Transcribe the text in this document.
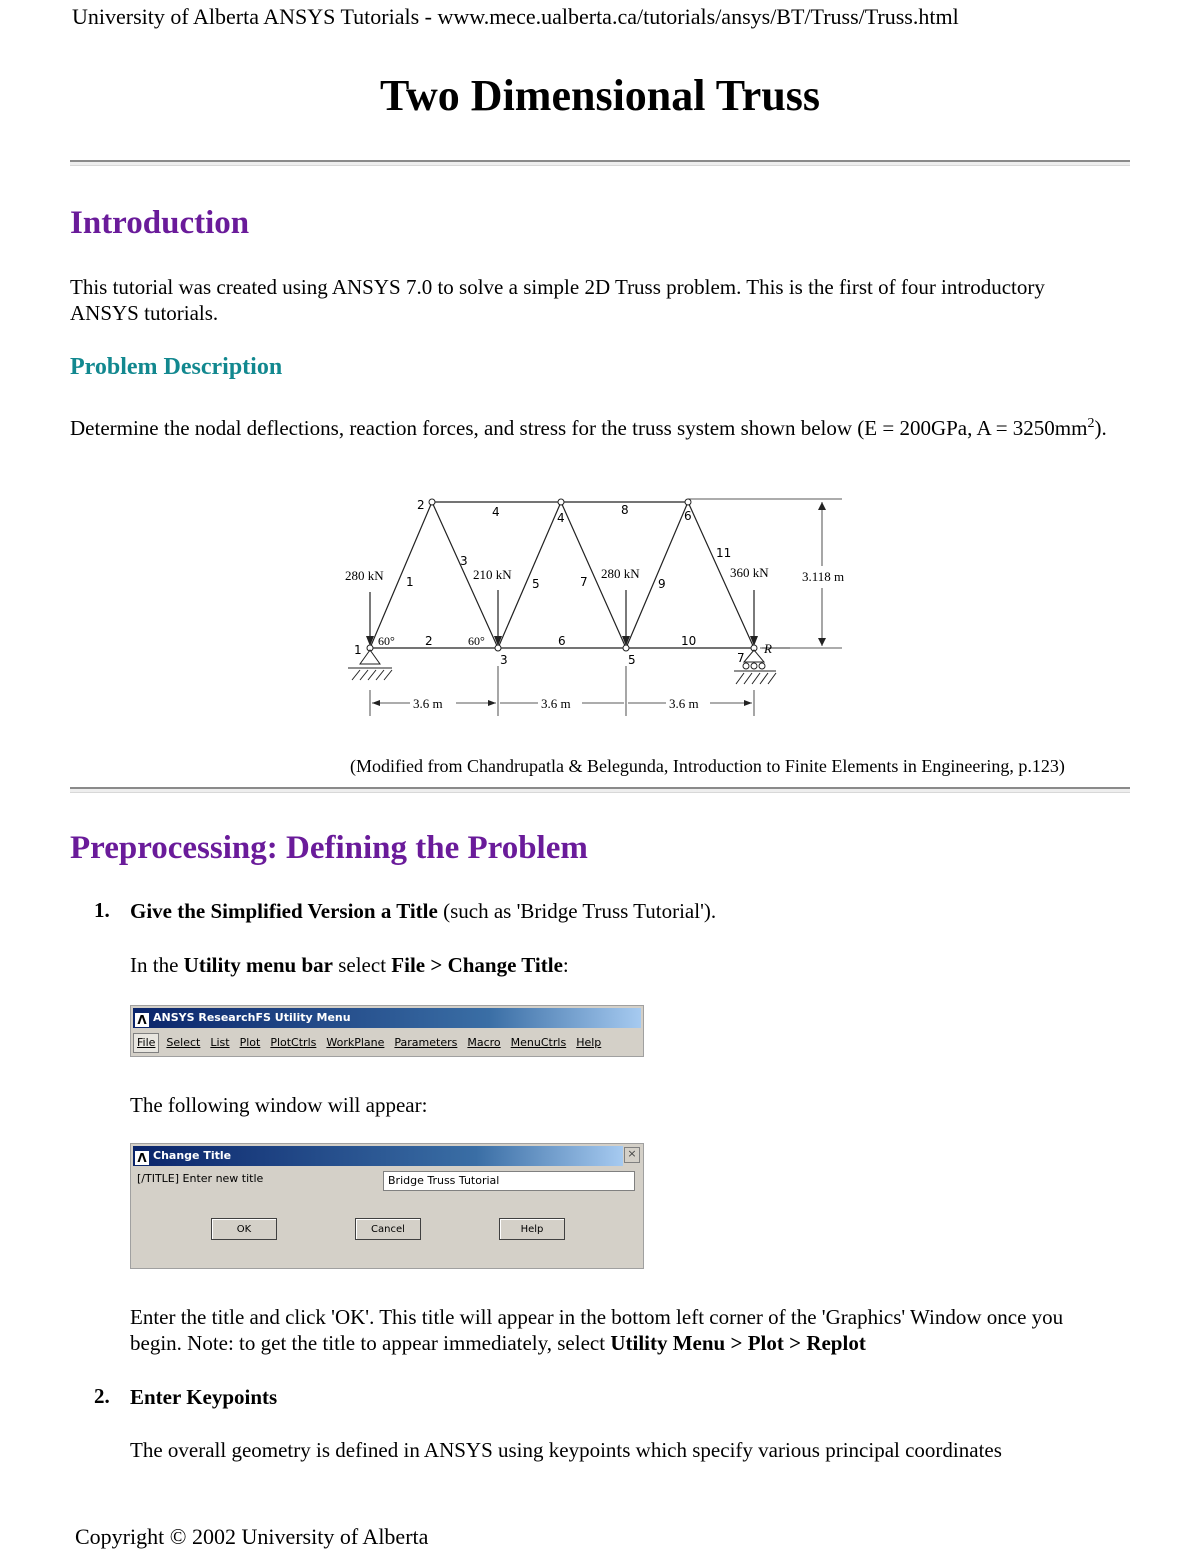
University of Alberta ANSYS Tutorials - www.mece.ualberta.ca/tutorials/ansys/BT/Truss/Truss.html
Two Dimensional Truss
Introduction
This tutorial was created using ANSYS 7.0 to solve a simple 2D Truss problem. This is the first of four introductory ANSYS tutorials.
Problem Description
Determine the nodal deflections, reaction forces, and stress for the truss system shown below (E = 200GPa, $A = 3250mm^2$).
1
2
3
4
5
6
7
1
2
3
4
5
6
7
8
9
10
11
280 kN	210 kN	280 kN	360 kN
60°	60°
3.6 m	3.6 m	3.6 m
3.118 m
R
(Modified from Chandrupatla & Belegunda, Introduction to Finite Elements in Engineering, p.123)
Preprocessing: Defining the Problem
1. Give the Simplified Version a Title (such as 'Bridge Truss Tutorial').
In the Utility menu bar select File > Change Title:
Λ ANSYS ResearchFS Utility Menu
File Select List Plot PlotCtrls WorkPlane Parameters Macro MenuCtrls Help
The following window will appear:
Λ Change Title	×
[/TITLE] Enter new title	Bridge Truss Tutorial
OK	Cancel	Help
Enter the title and click 'OK'. This title will appear in the bottom left corner of the 'Graphics' Window once you begin. Note: to get the title to appear immediately, select Utility Menu > Plot > Replot
2. Enter Keypoints
The overall geometry is defined in ANSYS using keypoints which specify various principal coordinates
Copyright © 2002 University of Alberta
